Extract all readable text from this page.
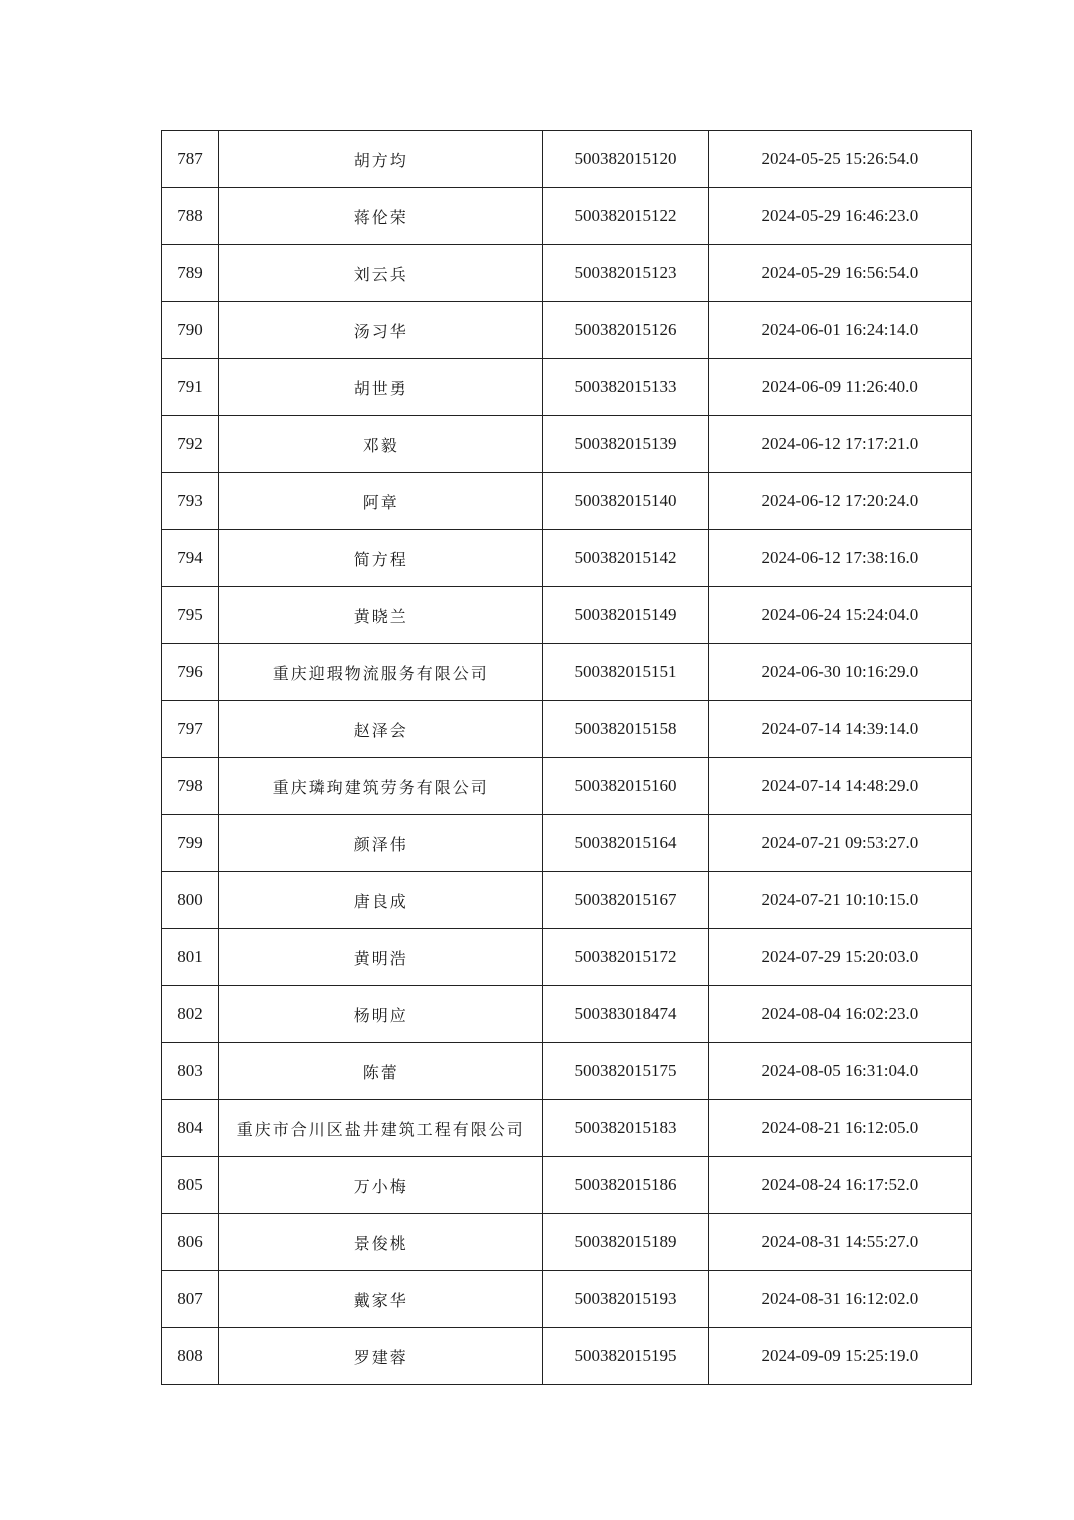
787	胡方均	500382015120	2024-05-25 15:26:54.0
788	蒋伦荣	500382015122	2024-05-29 16:46:23.0
789	刘云兵	500382015123	2024-05-29 16:56:54.0
790	汤习华	500382015126	2024-06-01 16:24:14.0
791	胡世勇	500382015133	2024-06-09 11:26:40.0
792	邓毅	500382015139	2024-06-12 17:17:21.0
793	阿章	500382015140	2024-06-12 17:20:24.0
794	简方程	500382015142	2024-06-12 17:38:16.0
795	黄晓兰	500382015149	2024-06-24 15:24:04.0
796	重庆迎瑕物流服务有限公司	500382015151	2024-06-30 10:16:29.0
797	赵泽会	500382015158	2024-07-14 14:39:14.0
798	重庆璘珣建筑劳务有限公司	500382015160	2024-07-14 14:48:29.0
799	颜泽伟	500382015164	2024-07-21 09:53:27.0
800	唐良成	500382015167	2024-07-21 10:10:15.0
801	黄明浩	500382015172	2024-07-29 15:20:03.0
802	杨明应	500383018474	2024-08-04 16:02:23.0
803	陈蕾	500382015175	2024-08-05 16:31:04.0
804	重庆市合川区盐井建筑工程有限公司	500382015183	2024-08-21 16:12:05.0
805	万小梅	500382015186	2024-08-24 16:17:52.0
806	景俊桃	500382015189	2024-08-31 14:55:27.0
807	戴家华	500382015193	2024-08-31 16:12:02.0
808	罗建蓉	500382015195	2024-09-09 15:25:19.0
